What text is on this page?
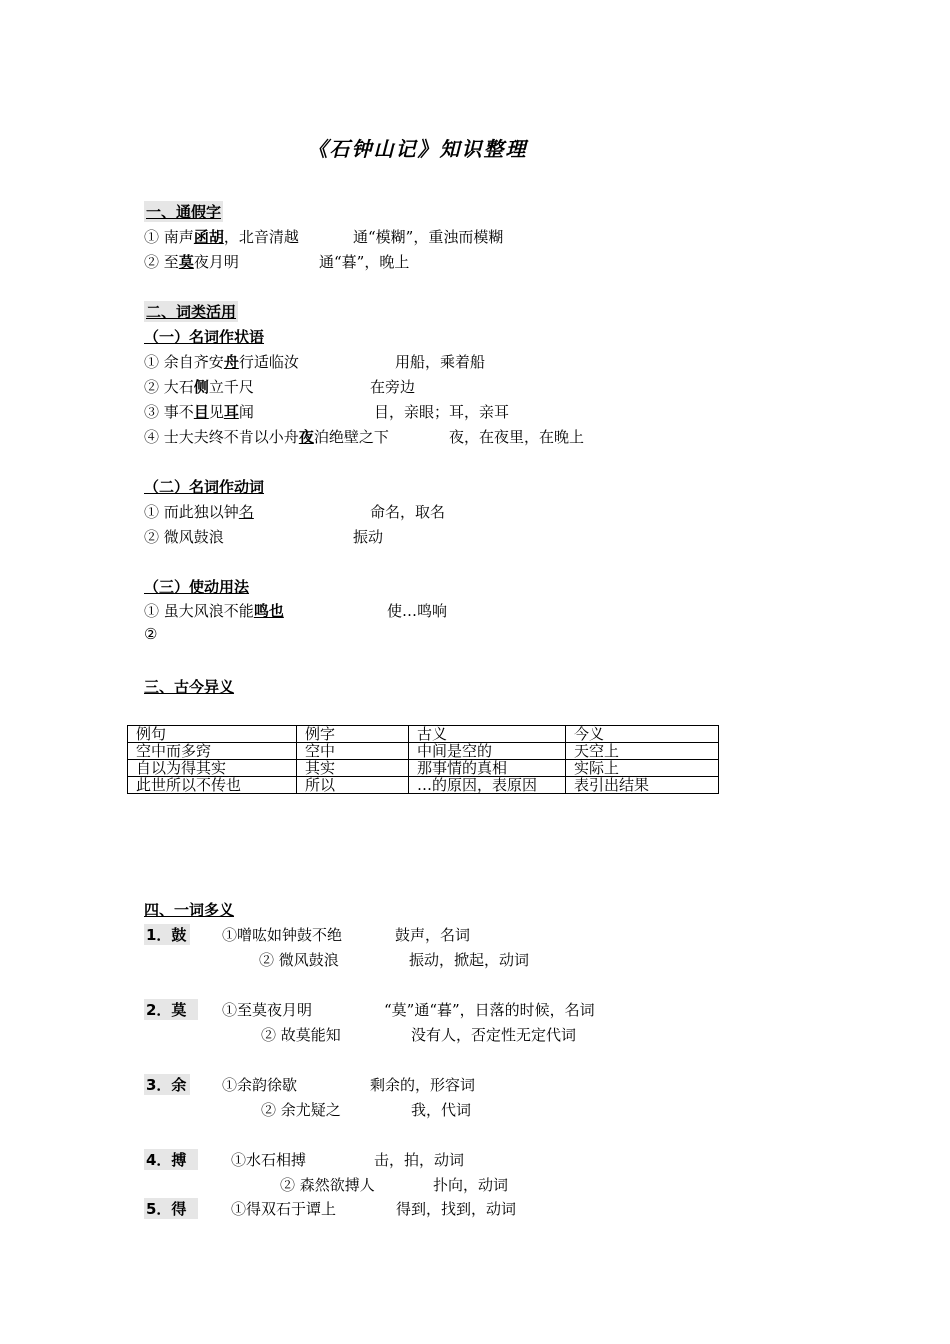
《石钟山记》知识整理
一、通假字
① 南声函胡，北音清越	通“模糊”，重浊而模糊
② 至莫夜月明	通“暮”，晚上
二、词类活用
（一）名词作状语
① 余自齐安舟行适临汝	用船，乘着船
② 大石侧立千尺	在旁边
③ 事不目见耳闻	目，亲眼；耳，亲耳
④ 士大夫终不肯以小舟夜泊绝壁之下	夜，在夜里，在晚上
（二）名词作动词
① 而此独以钟名	命名，取名
② 微风鼓浪	振动
（三）使动用法
① 虽大风浪不能鸣也	使…鸣响
②
三、古今异义
例句	例字	古义	今义
空中而多窍	空中	中间是空的	天空上
自以为得其实	其实	那事情的真相	实际上
此世所以不传也	所以	…的原因，表原因	表引出结果
四、一词多义
1．鼓 ①噌吰如钟鼓不绝	鼓声，名词
② 微风鼓浪	振动，掀起，动词
2．莫	①至莫夜月明	“莫”通“暮”，日落的时候，名词
② 故莫能知	没有人，否定性无定代词
3．余 ①余韵徐歇	剩余的，形容词
② 余尤疑之	我，代词
4．搏	①水石相搏	击，拍，动词
② 森然欲搏人	扑向，动词
5．得	①得双石于谭上	得到，找到，动词
